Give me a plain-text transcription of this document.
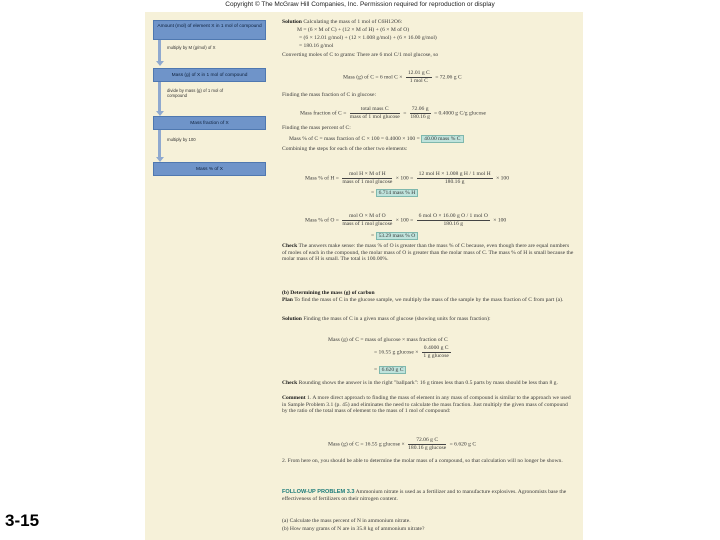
Copyright © The McGraw Hill Companies, Inc. Permission required for reproduction or display
Amount (mol) of element X in 1 mol of compound
multiply by M (g/mol) of X
Mass (g) of X in 1 mol of compound
divide by mass (g) of 1 mol of compound
Mass fraction of X
multiply by 100
Mass % of X
Solution Calculating the mass of 1 mol of C6H12O6:
M = (6 × M of C) + (12 × M of H) + (6 × M of O)
= (6 × 12.01 g/mol) + (12 × 1.008 g/mol) + (6 × 16.00 g/mol)
= 180.16 g/mol
Converting moles of C to grams: There are 6 mol C/1 mol glucose, so
Mass (g) of C = 6 mol $C \times \frac{\text{12.01 g C}}{\text{1 mol C}} = 72.06$ g C
Finding the mass fraction of C in glucose:
Mass fraction of $C = \frac{\text{total mass C}}{\text{mass of 1 mol glucose}} = \frac{72.06 g}{180.16 g} = 0.4000$ g C/g glucose
Finding the mass percent of C:
Mass % of C = mass fraction of C × 100 = 0.4000 × 100 = 40.00 mass % C
Combining the steps for each of the other two elements:
Mass % of $H = \frac{\text{mol H × M of H}}{\text{mass of 1 mol glucose}} \times 100 = \frac{\text{12 mol H × 1.008 g H / 1 mol H}}{180.16 g} \times 100$
= 6.714 mass % H
Mass % of $O = \frac{\text{mol O × M of O}}{\text{mass of 1 mol glucose}} \times 100 = \frac{\text{6 mol O × 16.00 g O / 1 mol O}}{180.16 g} \times 100$
= 53.29 mass % O
Check The answers make sense: the mass % of O is greater than the mass % of C because, even though there are equal numbers of moles of each in the compound, the molar mass of O is greater than the molar mass of C. The mass % of H is small because the molar mass of H is small. The total is 100.00%.
(b) Determining the mass (g) of carbon
Plan To find the mass of C in the glucose sample, we multiply the mass of the sample by the mass fraction of C from part (a).
Solution Finding the mass of C in a given mass of glucose (showing units for mass fraction):
Mass (g) of C = mass of glucose × mass fraction of C
= 16.55 g $glucose \times \frac{\text{0.4000 g C}}{\text{1 g glucose}}$
= 6.620 g C
Check Rounding shows the answer is in the right "ballpark": 16 g times less than 0.5 parts by mass should be less than 8 g.
Comment 1. A more direct approach to finding the mass of element in any mass of compound is similar to the approach we used in Sample Problem 3.1 (p. 45) and eliminates the need to calculate the mass fraction. Just multiply the given mass of compound by the ratio of the total mass of element to the mass of 1 mol of compound:
Mass (g) of C = 16.55 g $glucose \times \frac{\text{72.06 g C}}{\text{180.16 g glucose}} = 6.620$ g C
2. From here on, you should be able to determine the molar mass of a compound, so that calculation will no longer be shown.
FOLLOW-UP PROBLEM 3.3 Ammonium nitrate is used as a fertilizer and to manufacture explosives. Agronomists base the effectiveness of fertilizers on their nitrogen content.
(a) Calculate the mass percent of N in ammonium nitrate.
(b) How many grams of N are in 35.8 kg of ammonium nitrate?
3-15
